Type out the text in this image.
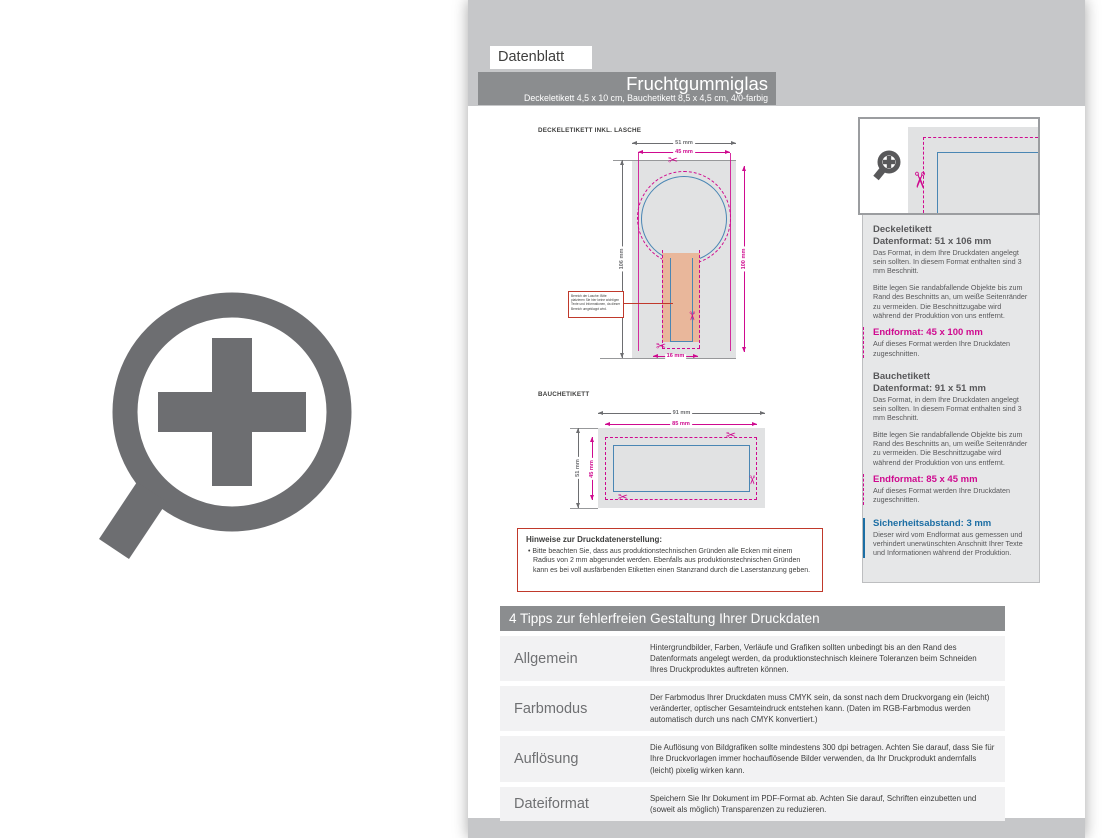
Datenblatt
Fruchtgummiglas
Deckeletikett 4,5 x 10 cm, Bauchetikett 8,5 x 4,5 cm, 4/0-farbig
DECKELETIKETT INKL. LASCHE
51 mm
45 mm
106 mm	100 mm
16 mm
✂
✂
✂
Bereich der Lasche: Bitte platzieren Sie hier keine wichtigen Texte und Informationen, da dieser Bereich umgeklappt wird.
BAUCHETIKETT
91 mm
85 mm
51 mm 45 mm
✂
✂
✂
Hinweise zur Druckdatenerstellung:
• Bitte beachten Sie, dass aus produktionstechnischen Gründen alle Ecken mit einem Radius von 2 mm abgerundet werden. Ebenfalls aus produktionstechnischen Gründen kann es bei voll ausfärbenden Etiketten einen Stanzrand durch die Laserstanzung geben.
✂
Deckeletikett
Datenformat: 51 x 106 mm

Das Format, in dem Ihre Druckdaten angelegt sein sollten. In diesem Format enthalten sind 3 mm Beschnitt.

Bitte legen Sie randabfallende Objekte bis zum Rand des Beschnitts an, um weiße Seitenränder zu vermeiden. Die Beschnittzugabe wird während der Produktion von uns entfernt.

Endformat: 45 x 100 mm

Auf dieses Format werden Ihre Druckdaten zugeschnitten.

Bauchetikett
Datenformat: 91 x 51 mm

Das Format, in dem Ihre Druckdaten angelegt sein sollten. In diesem Format enthalten sind 3 mm Beschnitt.

Bitte legen Sie randabfallende Objekte bis zum Rand des Beschnitts an, um weiße Seitenränder zu vermeiden. Die Beschnittzugabe wird während der Produktion von uns entfernt.

Endformat: 85 x 45 mm

Auf dieses Format werden Ihre Druckdaten zugeschnitten.

Sicherheitsabstand: 3 mm

Dieser wird vom Endformat aus gemessen und verhindert unerwünschten Anschnitt Ihrer Texte und Informationen während der Produktion.

4 Tipps zur fehlerfreien Gestaltung Ihrer Druckdaten
Allgemein
Hintergrundbilder, Farben, Verläufe und Grafiken sollten unbedingt bis an den Rand des Datenformats angelegt werden, da produktionstechnisch kleinere Toleranzen beim Schneiden Ihres Druckproduktes auftreten können.
Farbmodus
Der Farbmodus Ihrer Druckdaten muss CMYK sein, da sonst nach dem Druckvorgang ein (leicht) veränderter, optischer Gesamteindruck entstehen kann. (Daten im RGB-Farbmodus werden automatisch durch uns nach CMYK konvertiert.)
Auflösung
Die Auflösung von Bildgrafiken sollte mindestens 300 dpi betragen. Achten Sie darauf, dass Sie für Ihre Druckvorlagen immer hochauflösende Bilder verwenden, da Ihr Druckprodukt andernfalls (leicht) pixelig wirken kann.
Dateiformat	Speichern Sie Ihr Dokument im PDF-Format ab. Achten Sie darauf, Schriften einzubetten und (soweit als möglich) Transparenzen zu reduzieren.
